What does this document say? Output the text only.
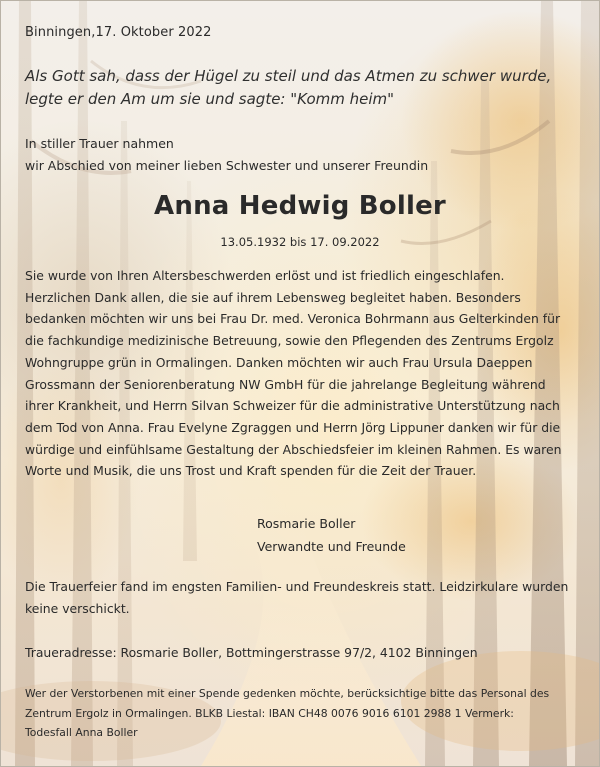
Binningen,17. Oktober 2022
Als Gott sah, dass der Hügel zu steil und das Atmen zu schwer wurde,
legte er den Am um sie und sagte: "Komm heim"
In stiller Trauer nahmen
wir Abschied von meiner lieben Schwester und unserer Freundin
Anna Hedwig Boller
13.05.1932 bis 17. 09.2022
Sie wurde von Ihren Altersbeschwerden erlöst und ist friedlich eingeschlafen.
Herzlichen Dank allen, die sie auf ihrem Lebensweg begleitet haben. Besonders
bedanken möchten wir uns bei Frau Dr. med. Veronica Bohrmann aus Gelterkinden für
die fachkundige medizinische Betreuung, sowie den Pflegenden des Zentrums Ergolz
Wohngruppe grün in Ormalingen. Danken möchten wir auch Frau Ursula Daeppen
Grossmann der Seniorenberatung NW GmbH für die jahrelange Begleitung während
ihrer Krankheit, und Herrn Silvan Schweizer für die administrative Unterstützung nach
dem Tod von Anna. Frau Evelyne Zgraggen und Herrn Jörg Lippuner danken wir für die
würdige und einfühlsame Gestaltung der Abschiedsfeier im kleinen Rahmen. Es waren
Worte und Musik, die uns Trost und Kraft spenden für die Zeit der Trauer.
Rosmarie Boller
Verwandte und Freunde
Die Trauerfeier fand im engsten Familien- und Freundeskreis statt. Leidzirkulare wurden
keine verschickt.
Traueradresse: Rosmarie Boller, Bottmingerstrasse 97/2, 4102 Binningen
Wer der Verstorbenen mit einer Spende gedenken möchte, berücksichtige bitte das Personal des
Zentrum Ergolz in Ormalingen. BLKB Liestal: IBAN CH48 0076 9016 6101 2988 1 Vermerk:
Todesfall Anna Boller
